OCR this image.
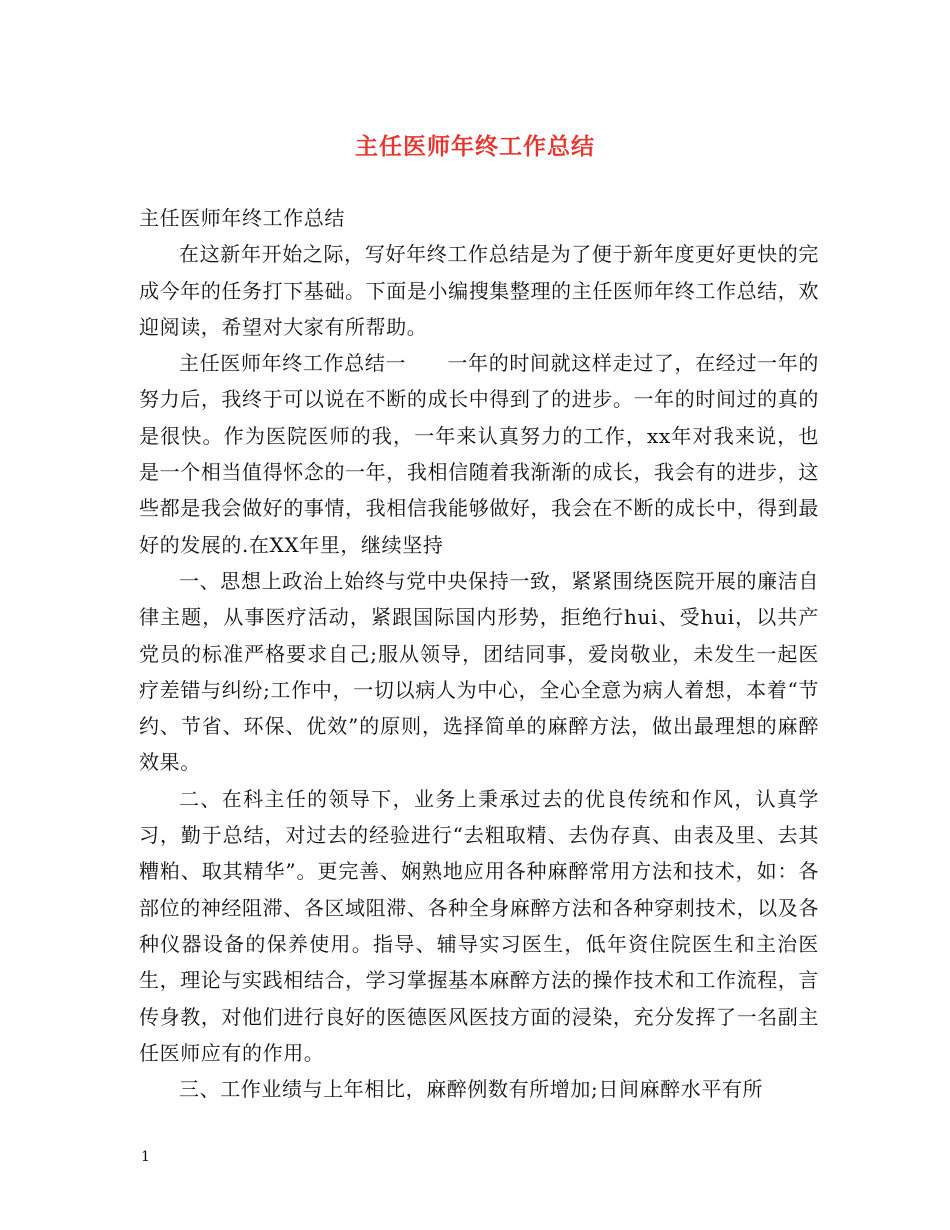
主任医师年终工作总结

主任医师年终工作总结

在这新年开始之际，写好年终工作总结是为了便于新年度更好更快的完成今年的任务打下基础。下面是小编搜集整理的主任医师年终工作总结，欢迎阅读，希望对大家有所帮助。

主任医师年终工作总结一　　一年的时间就这样走过了，在经过一年的努力后，我终于可以说在不断的成长中得到了的进步。一年的时间过的真的是很快。作为医院医师的我，一年来认真努力的工作，xx年对我来说，也是一个相当值得怀念的一年，我相信随着我渐渐的成长，我会有的进步，这些都是我会做好的事情，我相信我能够做好，我会在不断的成长中，得到最好的发展的.在XX年里，继续坚持

一、思想上政治上始终与党中央保持一致，紧紧围绕医院开展的廉洁自律主题，从事医疗活动，紧跟国际国内形势，拒绝行hui、受hui，以共产党员的标准严格要求自己;服从领导，团结同事，爱岗敬业，未发生一起医疗差错与纠纷;工作中，一切以病人为中心，全心全意为病人着想，本着“节约、节省、环保、优效”的原则，选择简单的麻醉方法，做出最理想的麻醉效果。

二、在科主任的领导下，业务上秉承过去的优良传统和作风，认真学习，勤于总结，对过去的经验进行“去粗取精、去伪存真、由表及里、去其糟粕、取其精华”。更完善、娴熟地应用各种麻醉常用方法和技术，如：各部位的神经阻滞、各区域阻滞、各种全身麻醉方法和各种穿刺技术，以及各种仪器设备的保养使用。指导、辅导实习医生，低年资住院医生和主治医生，理论与实践相结合，学习掌握基本麻醉方法的操作技术和工作流程，言传身教，对他们进行良好的医德医风医技方面的浸染，充分发挥了一名副主任医师应有的作用。

三、工作业绩与上年相比，麻醉例数有所增加;日间麻醉水平有所

1
